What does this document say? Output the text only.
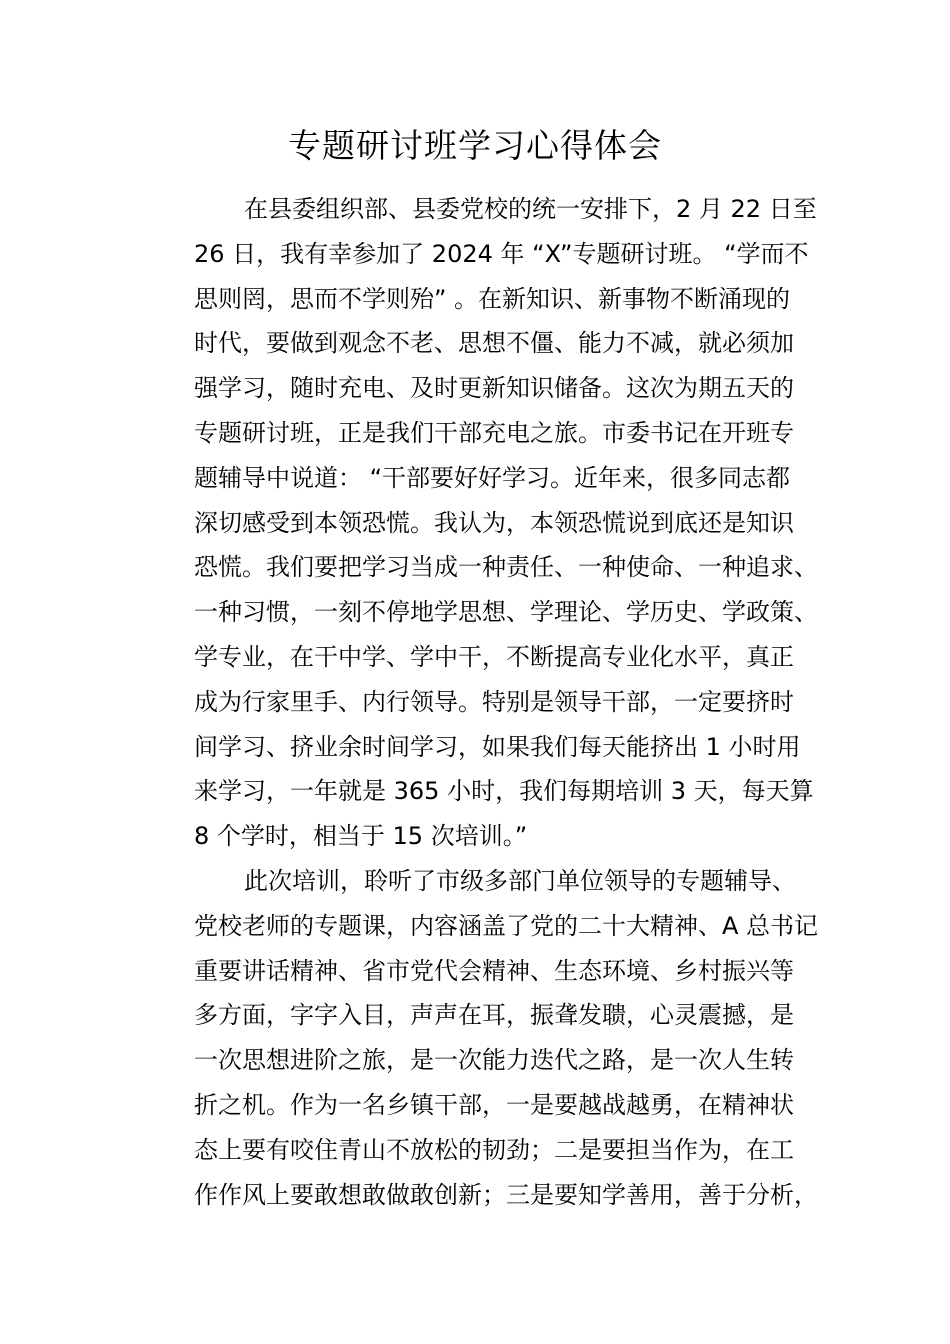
专题研讨班学习心得体会

在县委组织部、县委党校的统一安排下，2 月 22 日至
26 日，我有幸参加了 2024 年 “X”专题研讨班。 “学而不
思则罔，思而不学则殆” 。在新知识、新事物不断涌现的
时代，要做到观念不老、思想不僵、能力不减，就必须加
强学习，随时充电、及时更新知识储备。这次为期五天的
专题研讨班，正是我们干部充电之旅。市委书记在开班专
题辅导中说道： “干部要好好学习。近年来，很多同志都
深切感受到本领恐慌。我认为，本领恐慌说到底还是知识
恐慌。我们要把学习当成一种责任、一种使命、一种追求、
一种习惯，一刻不停地学思想、学理论、学历史、学政策、
学专业，在干中学、学中干，不断提高专业化水平，真正
成为行家里手、内行领导。特别是领导干部，一定要挤时
间学习、挤业余时间学习，如果我们每天能挤出 1 小时用
来学习，一年就是 365 小时，我们每期培训 3 天，每天算
8 个学时，相当于 15 次培训。”

此次培训，聆听了市级多部门单位领导的专题辅导、
党校老师的专题课，内容涵盖了党的二十大精神、A 总书记
重要讲话精神、省市党代会精神、生态环境、乡村振兴等
多方面，字字入目，声声在耳，振聋发聩，心灵震撼，是
一次思想进阶之旅，是一次能力迭代之路，是一次人生转
折之机。作为一名乡镇干部，一是要越战越勇，在精神状
态上要有咬住青山不放松的韧劲；二是要担当作为，在工
作作风上要敢想敢做敢创新；三是要知学善用，善于分析，
